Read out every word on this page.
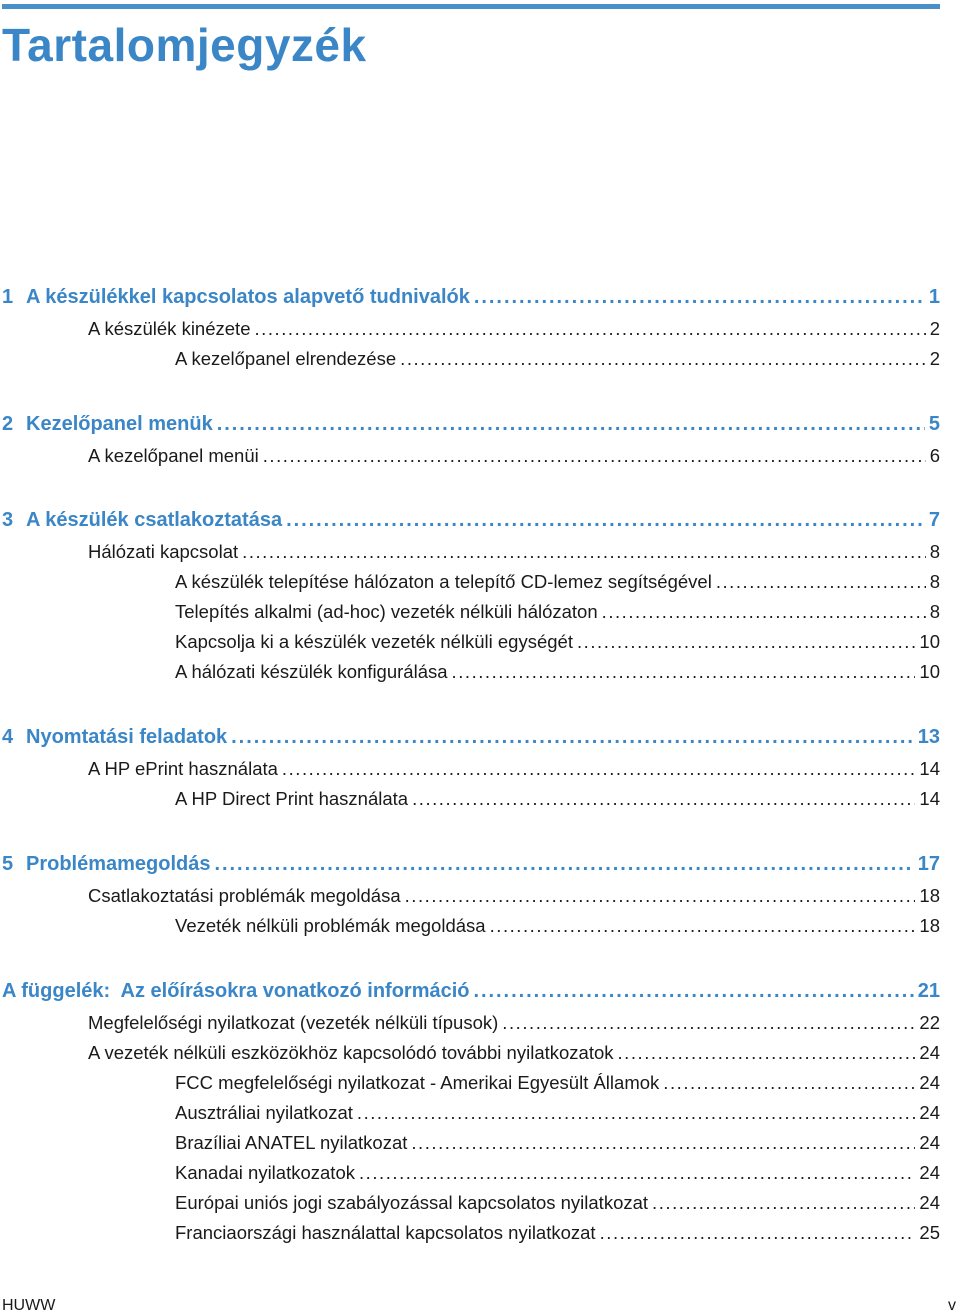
Tartalomjegyzék
1 A készülékkel kapcsolatos alapvető tudnivalók . . .	1
A készülék kinézete . . .	2
A kezelőpanel elrendezése . . .	2
2 Kezelőpanel menük . . .	5
A kezelőpanel menüi . . .	6
3 A készülék csatlakoztatása . . .	7
Hálózati kapcsolat . . .	8
A készülék telepítése hálózaton a telepítő CD-lemez segítségével . . .	8
Telepítés alkalmi (ad-hoc) vezeték nélküli hálózaton . . .	8
Kapcsolja ki a készülék vezeték nélküli egységét . . .	10
A hálózati készülék konfigurálása . . .	10
4 Nyomtatási feladatok . . .	13
A HP ePrint használata . . .	14
A HP Direct Print használata . . .	14
5 Problémamegoldás . . .	17
Csatlakoztatási problémák megoldása . . .	18
Vezeték nélküli problémák megoldása . . .	18
A függelék:  Az előírásokra vonatkozó információ . . .	21
Megfelelőségi nyilatkozat (vezeték nélküli típusok) . . .	22
A vezeték nélküli eszközökhöz kapcsolódó további nyilatkozatok . . .	24
FCC megfelelőségi nyilatkozat - Amerikai Egyesült Államok . . .	24
Ausztráliai nyilatkozat . . .	24
Brazíliai ANATEL nyilatkozat . . .	24
Kanadai nyilatkozatok . . .	24
Európai uniós jogi szabályozással kapcsolatos nyilatkozat . . .	24
Franciaországi használattal kapcsolatos nyilatkozat . . .	25
HUWW	v
